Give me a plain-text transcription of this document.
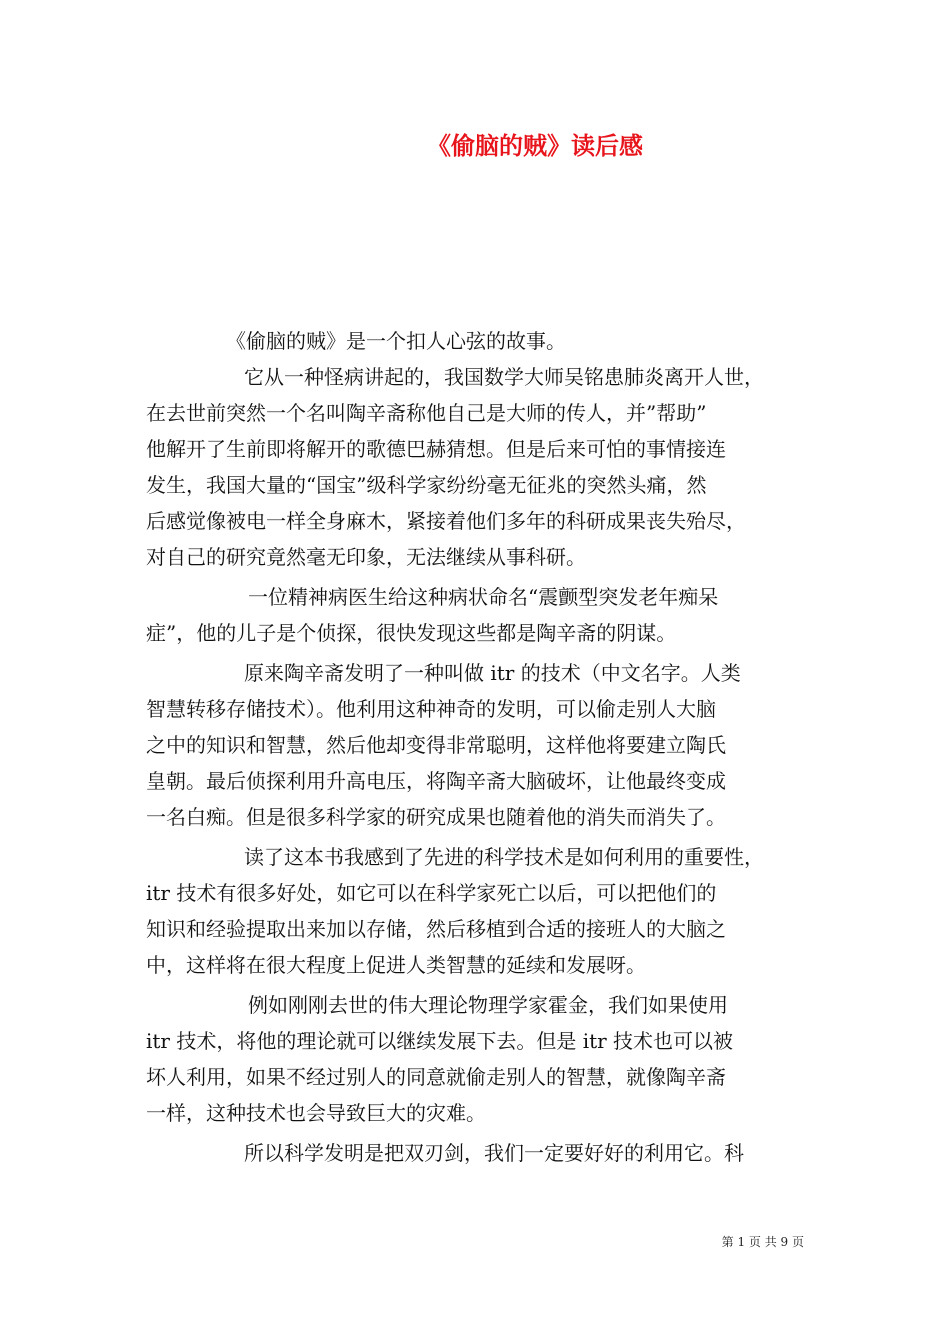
《偷脑的贼》读后感
《偷脑的贼》是一个扣人心弦的故事。
它从一种怪病讲起的，我国数学大师吴铭患肺炎离开人世，
在去世前突然一个名叫陶辛斋称他自己是大师的传人，并”帮助”
他解开了生前即将解开的歌德巴赫猜想。但是后来可怕的事情接连
发生，我国大量的“国宝”级科学家纷纷毫无征兆的突然头痛，然
后感觉像被电一样全身麻木，紧接着他们多年的科研成果丧失殆尽，
对自己的研究竟然毫无印象，无法继续从事科研。
一位精神病医生给这种病状命名“震颤型突发老年痴呆
症”，他的儿子是个侦探，很快发现这些都是陶辛斋的阴谋。
原来陶辛斋发明了一种叫做 itr 的技术（中文名字。人类
智慧转移存储技术）。他利用这种神奇的发明，可以偷走别人大脑
之中的知识和智慧，然后他却变得非常聪明，这样他将要建立陶氏
皇朝。最后侦探利用升高电压，将陶辛斋大脑破坏，让他最终变成
一名白痴。但是很多科学家的研究成果也随着他的消失而消失了。
读了这本书我感到了先进的科学技术是如何利用的重要性，
itr 技术有很多好处，如它可以在科学家死亡以后，可以把他们的
知识和经验提取出来加以存储，然后移植到合适的接班人的大脑之
中，这样将在很大程度上促进人类智慧的延续和发展呀。
例如刚刚去世的伟大理论物理学家霍金，我们如果使用
itr 技术，将他的理论就可以继续发展下去。但是 itr 技术也可以被
坏人利用，如果不经过别人的同意就偷走别人的智慧，就像陶辛斋
一样，这种技术也会导致巨大的灾难。
所以科学发明是把双刃剑，我们一定要好好的利用它。科
第 1 页 共 9 页
